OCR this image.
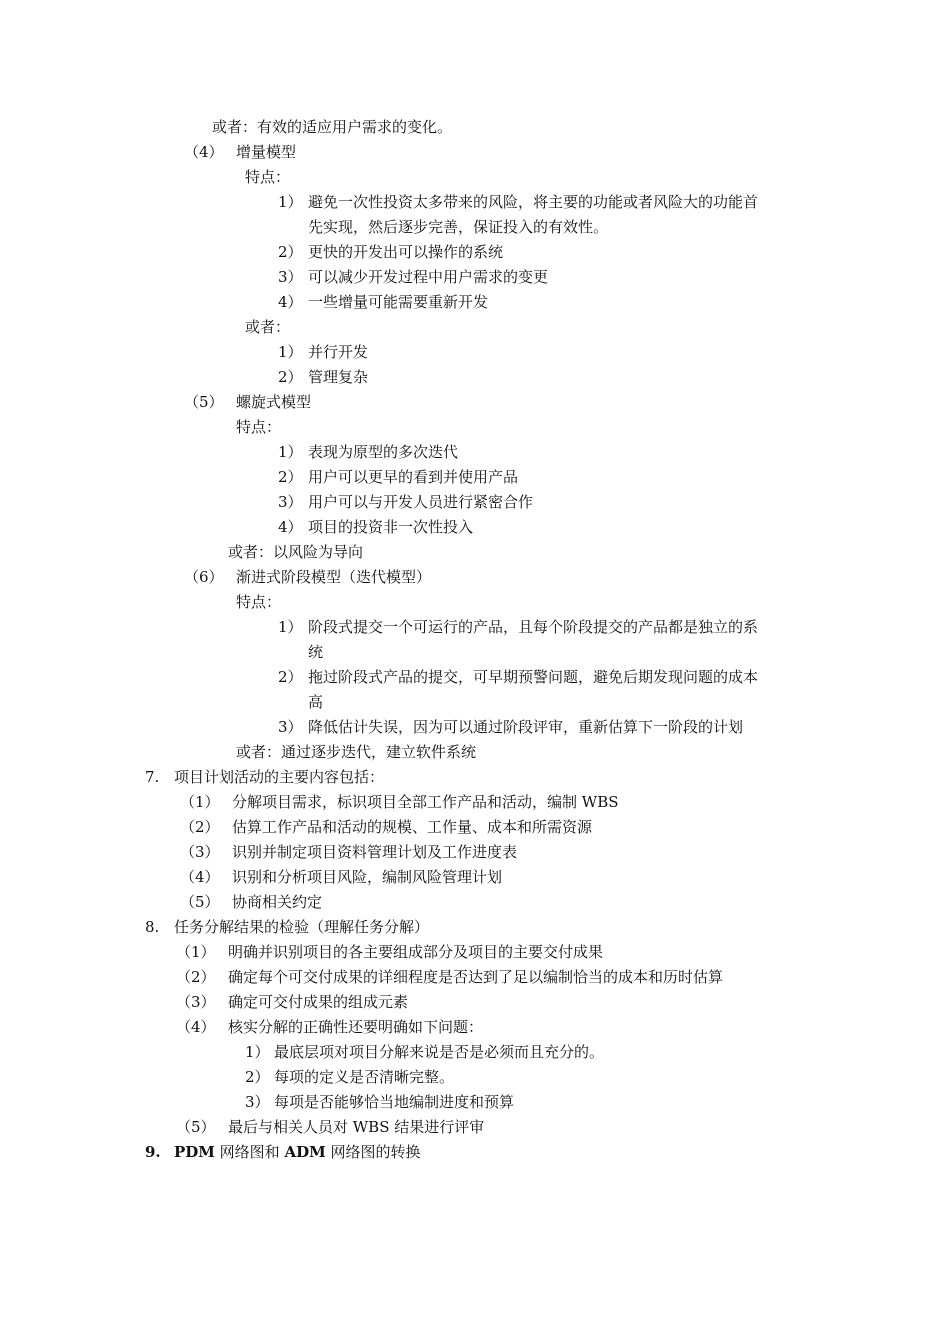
或者：有效的适应用户需求的变化。
（4） 增量模型
特点：
1） 避免一次性投资太多带来的风险，将主要的功能或者风险大的功能首
先实现，然后逐步完善，保证投入的有效性。
2） 更快的开发出可以操作的系统
3） 可以减少开发过程中用户需求的变更
4） 一些增量可能需要重新开发
或者：
1） 并行开发
2） 管理复杂
（5） 螺旋式模型
特点：
1） 表现为原型的多次迭代
2） 用户可以更早的看到并使用产品
3） 用户可以与开发人员进行紧密合作
4） 项目的投资非一次性投入
或者：以风险为导向
（6） 渐进式阶段模型（迭代模型）
特点：
1） 阶段式提交一个可运行的产品，且每个阶段提交的产品都是独立的系
统
2） 拖过阶段式产品的提交，可早期预警问题，避免后期发现问题的成本
高
3） 降低估计失误，因为可以通过阶段评审，重新估算下一阶段的计划
或者：通过逐步迭代，建立软件系统
7. 项目计划活动的主要内容包括：
（1） 分解项目需求，标识项目全部工作产品和活动，编制 WBS
（2） 估算工作产品和活动的规模、工作量、成本和所需资源
（3） 识别并制定项目资料管理计划及工作进度表
（4） 识别和分析项目风险，编制风险管理计划
（5） 协商相关约定
8. 任务分解结果的检验（理解任务分解）
（1） 明确并识别项目的各主要组成部分及项目的主要交付成果
（2） 确定每个可交付成果的详细程度是否达到了足以编制恰当的成本和历时估算
（3） 确定可交付成果的组成元素
（4） 核实分解的正确性还要明确如下问题：
1） 最底层项对项目分解来说是否是必须而且充分的。
2） 每项的定义是否清晰完整。
3） 每项是否能够恰当地编制进度和预算
（5） 最后与相关人员对 WBS 结果进行评审
9. PDM 网络图和 ADM 网络图的转换
